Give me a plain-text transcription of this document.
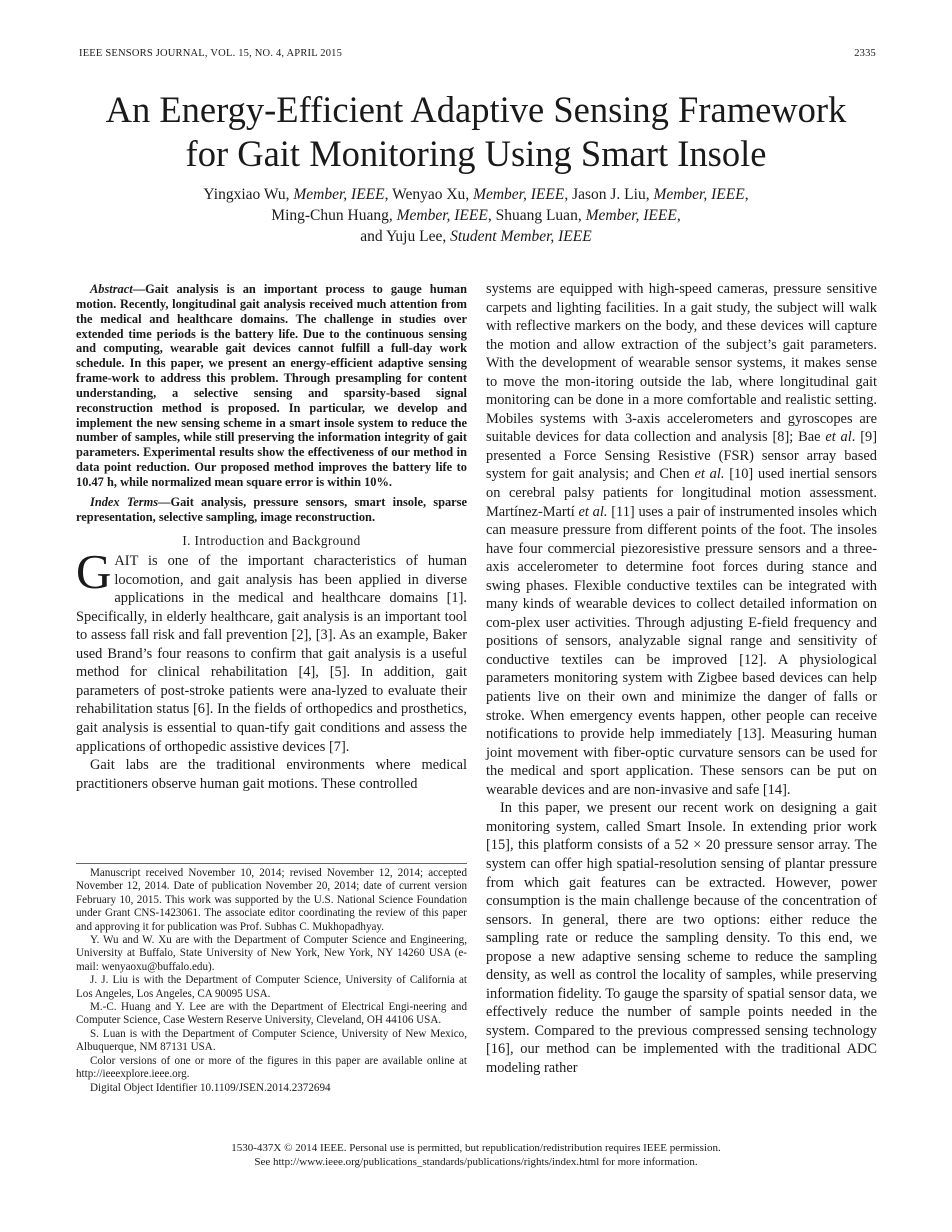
IEEE SENSORS JOURNAL, VOL. 15, NO. 4, APRIL 2015	2335
An Energy-Efficient Adaptive Sensing Framework
for Gait Monitoring Using Smart Insole
Yingxiao Wu, Member, IEEE, Wenyao Xu, Member, IEEE, Jason J. Liu, Member, IEEE,
Ming-Chun Huang, Member, IEEE, Shuang Luan, Member, IEEE,
and Yuju Lee, Student Member, IEEE

Abstract—Gait analysis is an important process to gauge human motion. Recently, longitudinal gait analysis received much attention from the medical and healthcare domains. The challenge in studies over extended time periods is the battery life. Due to the continuous sensing and computing, wearable gait devices cannot fulfill a full-day work schedule. In this paper, we present an energy-efficient adaptive sensing frame-work to address this problem. Through presampling for content understanding, a selective sensing and sparsity-based signal reconstruction method is proposed. In particular, we develop and implement the new sensing scheme in a smart insole system to reduce the number of samples, while still preserving the information integrity of gait parameters. Experimental results show the effectiveness of our method in data point reduction. Our proposed method improves the battery life to 10.47 h, while normalized mean square error is within 10%.

Index Terms—Gait analysis, pressure sensors, smart insole, sparse representation, selective sampling, image reconstruction.

I. Introduction and Background

GAIT is one of the important characteristics of human locomotion, and gait analysis has been applied in diverse applications in the medical and healthcare domains [1]. Specifically, in elderly healthcare, gait analysis is an important tool to assess fall risk and fall prevention [2], [3]. As an example, Baker used Brand’s four reasons to confirm that gait analysis is a useful method for clinical rehabilitation [4], [5]. In addition, gait parameters of post-stroke patients were ana-lyzed to evaluate their rehabilitation status [6]. In the fields of orthopedics and prosthetics, gait analysis is essential to quan-tify gait conditions and assess the applications of orthopedic assistive devices [7].

Gait labs are the traditional environments where medical practitioners observe human gait motions. These controlled

Manuscript received November 10, 2014; revised November 12, 2014; accepted November 12, 2014. Date of publication November 20, 2014; date of current version February 10, 2015. This work was supported by the U.S. National Science Foundation under Grant CNS-1423061. The associate editor coordinating the review of this paper and approving it for publication was Prof. Subhas C. Mukhopadhyay.

Y. Wu and W. Xu are with the Department of Computer Science and Engineering, University at Buffalo, State University of New York, New York, NY 14260 USA (e-mail: wenyaoxu@buffalo.edu).

J. J. Liu is with the Department of Computer Science, University of California at Los Angeles, Los Angeles, CA 90095 USA.

M.-C. Huang and Y. Lee are with the Department of Electrical Engi-neering and Computer Science, Case Western Reserve University, Cleveland, OH 44106 USA.

S. Luan is with the Department of Computer Science, University of New Mexico, Albuquerque, NM 87131 USA.

Color versions of one or more of the figures in this paper are available online at http://ieeexplore.ieee.org.

Digital Object Identifier 10.1109/JSEN.2014.2372694

systems are equipped with high-speed cameras, pressure sensitive carpets and lighting facilities. In a gait study, the subject will walk with reflective markers on the body, and these devices will capture the motion and allow extraction of the subject’s gait parameters. With the development of wearable sensor systems, it makes sense to move the mon-itoring outside the lab, where longitudinal gait monitoring can be done in a more comfortable and realistic setting. Mobiles systems with 3-axis accelerometers and gyroscopes are suitable devices for data collection and analysis [8]; Bae et al. [9] presented a Force Sensing Resistive (FSR) sensor array based system for gait analysis; and Chen et al. [10] used inertial sensors on cerebral palsy patients for longitudinal motion assessment. Martínez-Martí et al. [11] uses a pair of instrumented insoles which can measure pressure from different points of the foot. The insoles have four commercial piezoresistive pressure sensors and a three-axis accelerometer to determine foot forces during stance and swing phases. Flexible conductive textiles can be integrated with many kinds of wearable devices to collect detailed information on com-plex user activities. Through adjusting E-field frequency and positions of sensors, analyzable signal range and sensitivity of conductive textiles can be improved [12]. A physiological parameters monitoring system with Zigbee based devices can help patients live on their own and minimize the danger of falls or stroke. When emergency events happen, other people can receive notifications to provide help immediately [13]. Measuring human joint movement with fiber-optic curvature sensors can be used for the medical and sport application. These sensors can be put on wearable devices and are non-invasive and safe [14].

In this paper, we present our recent work on designing a gait monitoring system, called Smart Insole. In extending prior work [15], this platform consists of a 52 × 20 pressure sensor array. The system can offer high spatial-resolution sensing of plantar pressure from which gait features can be extracted. However, power consumption is the main challenge because of the concentration of sensors. In general, there are two options: either reduce the sampling rate or reduce the sampling density. To this end, we propose a new adaptive sensing scheme to reduce the sampling density, as well as control the locality of samples, while preserving information fidelity. To gauge the sparsity of spatial sensor data, we effectively reduce the number of sample points needed in the system. Compared to the previous compressed sensing technology [16], our method can be implemented with the traditional ADC modeling rather

1530-437X © 2014 IEEE. Personal use is permitted, but republication/redistribution requires IEEE permission.
See http://www.ieee.org/publications_standards/publications/rights/index.html for more information.
